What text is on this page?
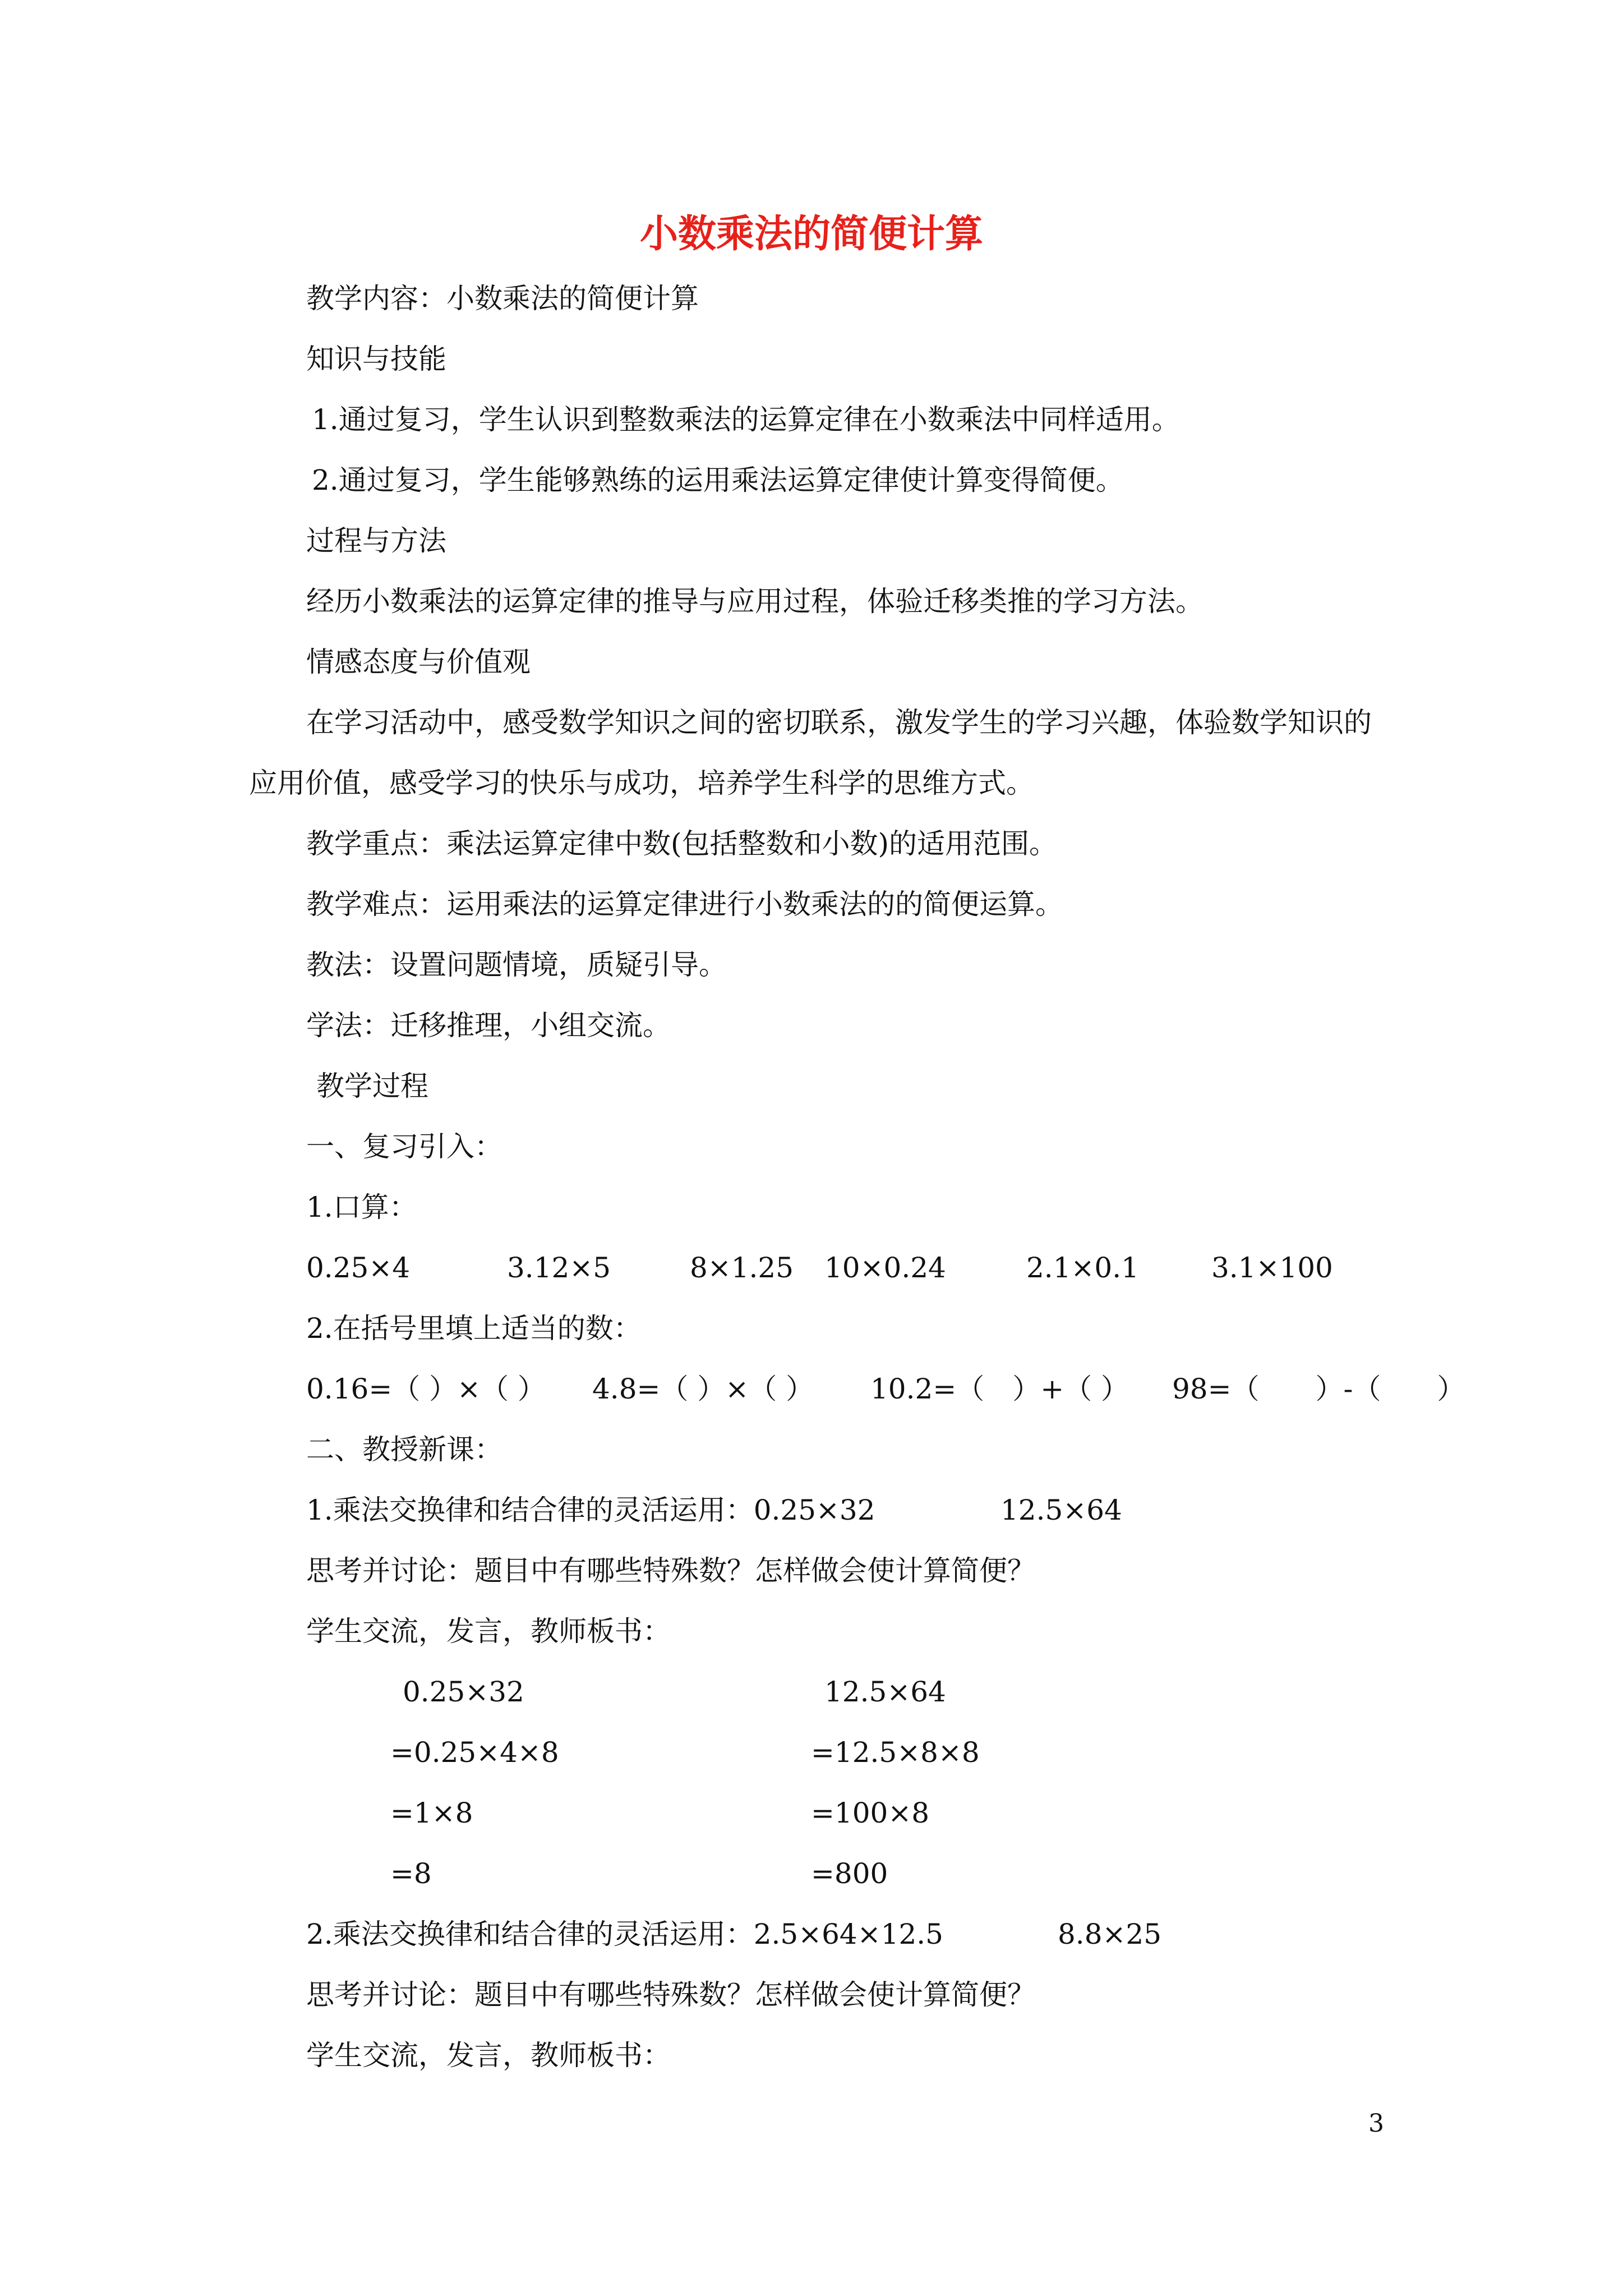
小数乘法的简便计算
教学内容：小数乘法的简便计算
知识与技能
1.通过复习，学生认识到整数乘法的运算定律在小数乘法中同样适用。
2.通过复习，学生能够熟练的运用乘法运算定律使计算变得简便。
过程与方法
经历小数乘法的运算定律的推导与应用过程，体验迁移类推的学习方法。
情感态度与价值观
在学习活动中，感受数学知识之间的密切联系，激发学生的学习兴趣，体验数学知识的
应用价值，感受学习的快乐与成功，培养学生科学的思维方式。
教学重点：乘法运算定律中数(包括整数和小数)的适用范围。
教学难点：运用乘法的运算定律进行小数乘法的的简便运算。
教法：设置问题情境，质疑引导。
学法：迁移推理，小组交流。
教学过程
一、复习引入：
1.口算：
0.25×4	3.12×5	8×1.25 10×0.24	2.1×0.1	3.1×100
2.在括号里填上适当的数：
0.16=（ ）×（ ） 4.8=（ ）×（ ） 10.2=（　）+（ ） 98=（　　）-（　　）
二、教授新课：
1.乘法交换律和结合律的灵活运用：0.25×32	12.5×64
思考并讨论：题目中有哪些特殊数？怎样做会使计算简便？
学生交流，发言，教师板书：
0.25×32
=0.25×4×8
=1×8
=8
12.5×64
=12.5×8×8
=100×8
=800
2.乘法交换律和结合律的灵活运用：2.5×64×12.5	8.8×25
思考并讨论：题目中有哪些特殊数？怎样做会使计算简便？
学生交流，发言，教师板书：
3
